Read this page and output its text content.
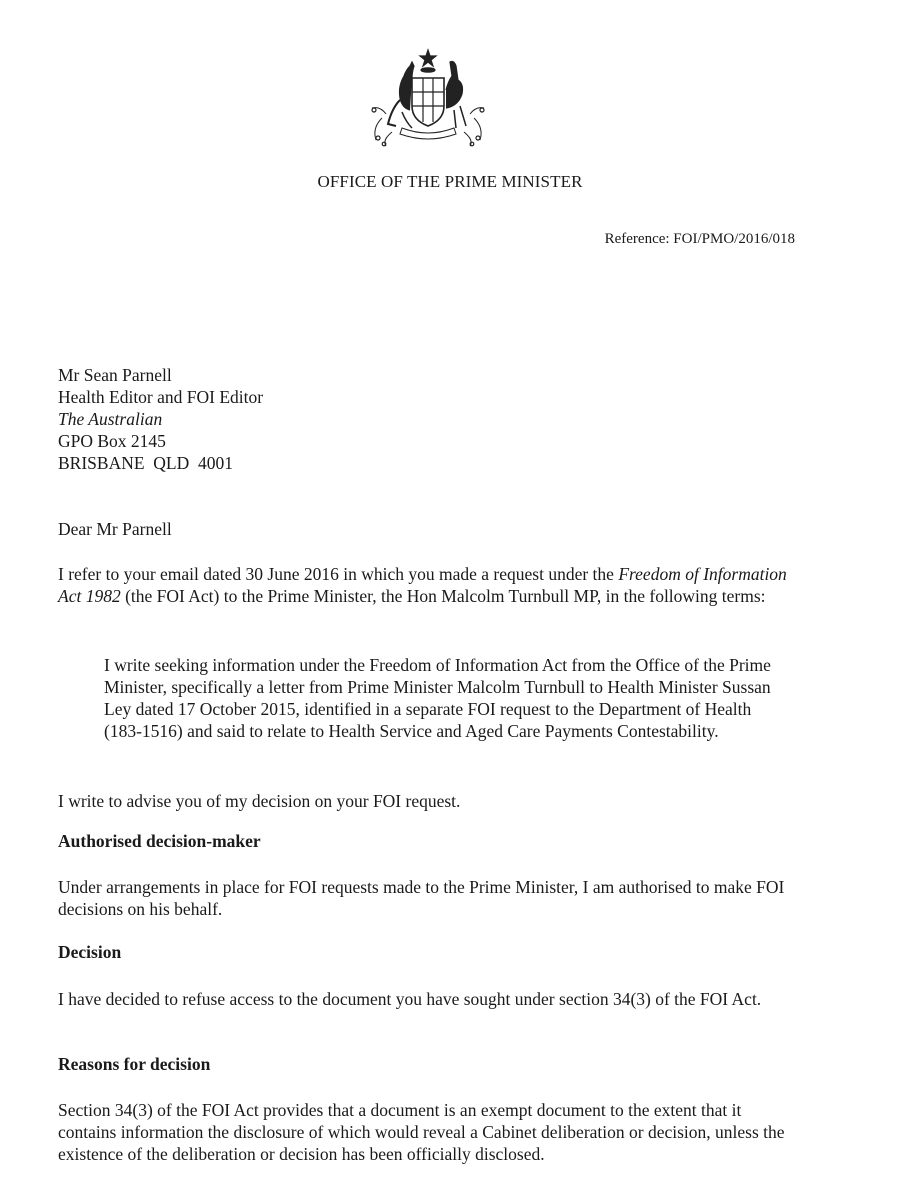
OFFICE OF THE PRIME MINISTER
Reference: FOI/PMO/2016/018
Mr Sean Parnell
Health Editor and FOI Editor
The Australian
GPO Box 2145
BRISBANE  QLD  4001
Dear Mr Parnell
I refer to your email dated 30 June 2016 in which you made a request under the Freedom of Information Act 1982 (the FOI Act) to the Prime Minister, the Hon Malcolm Turnbull MP, in the following terms:
I write seeking information under the Freedom of Information Act from the Office of the Prime Minister, specifically a letter from Prime Minister Malcolm Turnbull to Health Minister Sussan Ley dated 17 October 2015, identified in a separate FOI request to the Department of Health (183-1516) and said to relate to Health Service and Aged Care Payments Contestability.
I write to advise you of my decision on your FOI request.
Authorised decision-maker
Under arrangements in place for FOI requests made to the Prime Minister, I am authorised to make FOI decisions on his behalf.
Decision
I have decided to refuse access to the document you have sought under section 34(3) of the FOI Act.
Reasons for decision
Section 34(3) of the FOI Act provides that a document is an exempt document to the extent that it contains information the disclosure of which would reveal a Cabinet deliberation or decision, unless the existence of the deliberation or decision has been officially disclosed.
